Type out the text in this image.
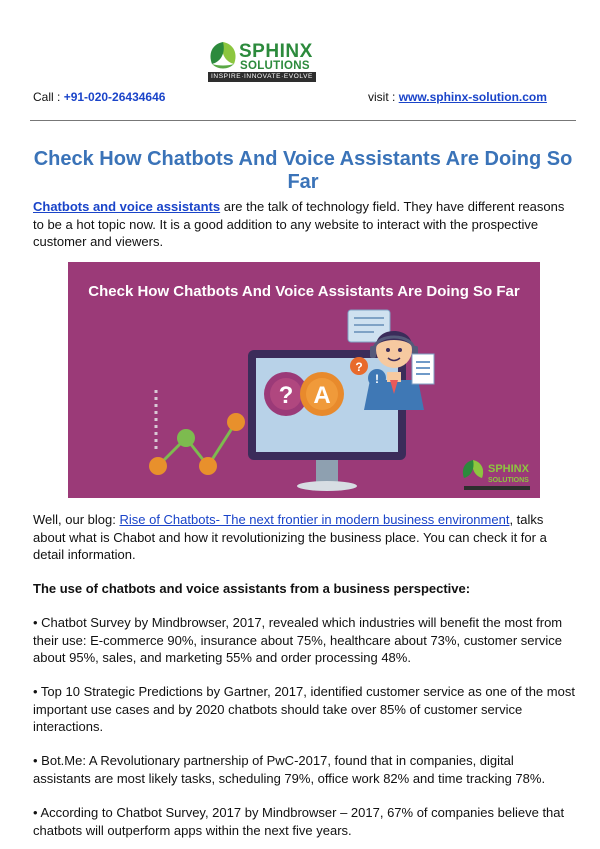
SPHINX
SOLUTIONS
INSPIRE·INNOVATE·EVOLVE
Call : +91-020-26434646	visit : www.sphinx-solution.com
Check How Chatbots And Voice Assistants Are Doing So Far

Chatbots and voice assistants are the talk of technology field. They have different reasons to be a hot topic now. It is a good addition to any website to interact with the prospective customer and viewers.

Check How Chatbots And Voice Assistants Are Doing So Far
? A
?
!
SPHINX
SOLUTIONS

Well, our blog: Rise of Chatbots- The next frontier in modern business environment, talks about what is Chabot and how it revolutionizing the business place. You can check it for a detail information.

The use of chatbots and voice assistants from a business perspective:

• Chatbot Survey by Mindbrowser, 2017, revealed which industries will benefit the most from their use: E-commerce 90%, insurance about 75%, healthcare about 73%, customer service about 95%, sales, and marketing 55% and order processing 48%.

• Top 10 Strategic Predictions by Gartner, 2017, identified customer service as one of the most important use cases and by 2020 chatbots should take over 85% of customer service interactions.

• Bot.Me: A Revolutionary partnership of PwC-2017, found that in companies, digital assistants are most likely tasks, scheduling 79%, office work 82% and time tracking 78%.

• According to Chatbot Survey, 2017 by Mindbrowser – 2017, 67% of companies believe that chatbots will outperform apps within the next five years.
